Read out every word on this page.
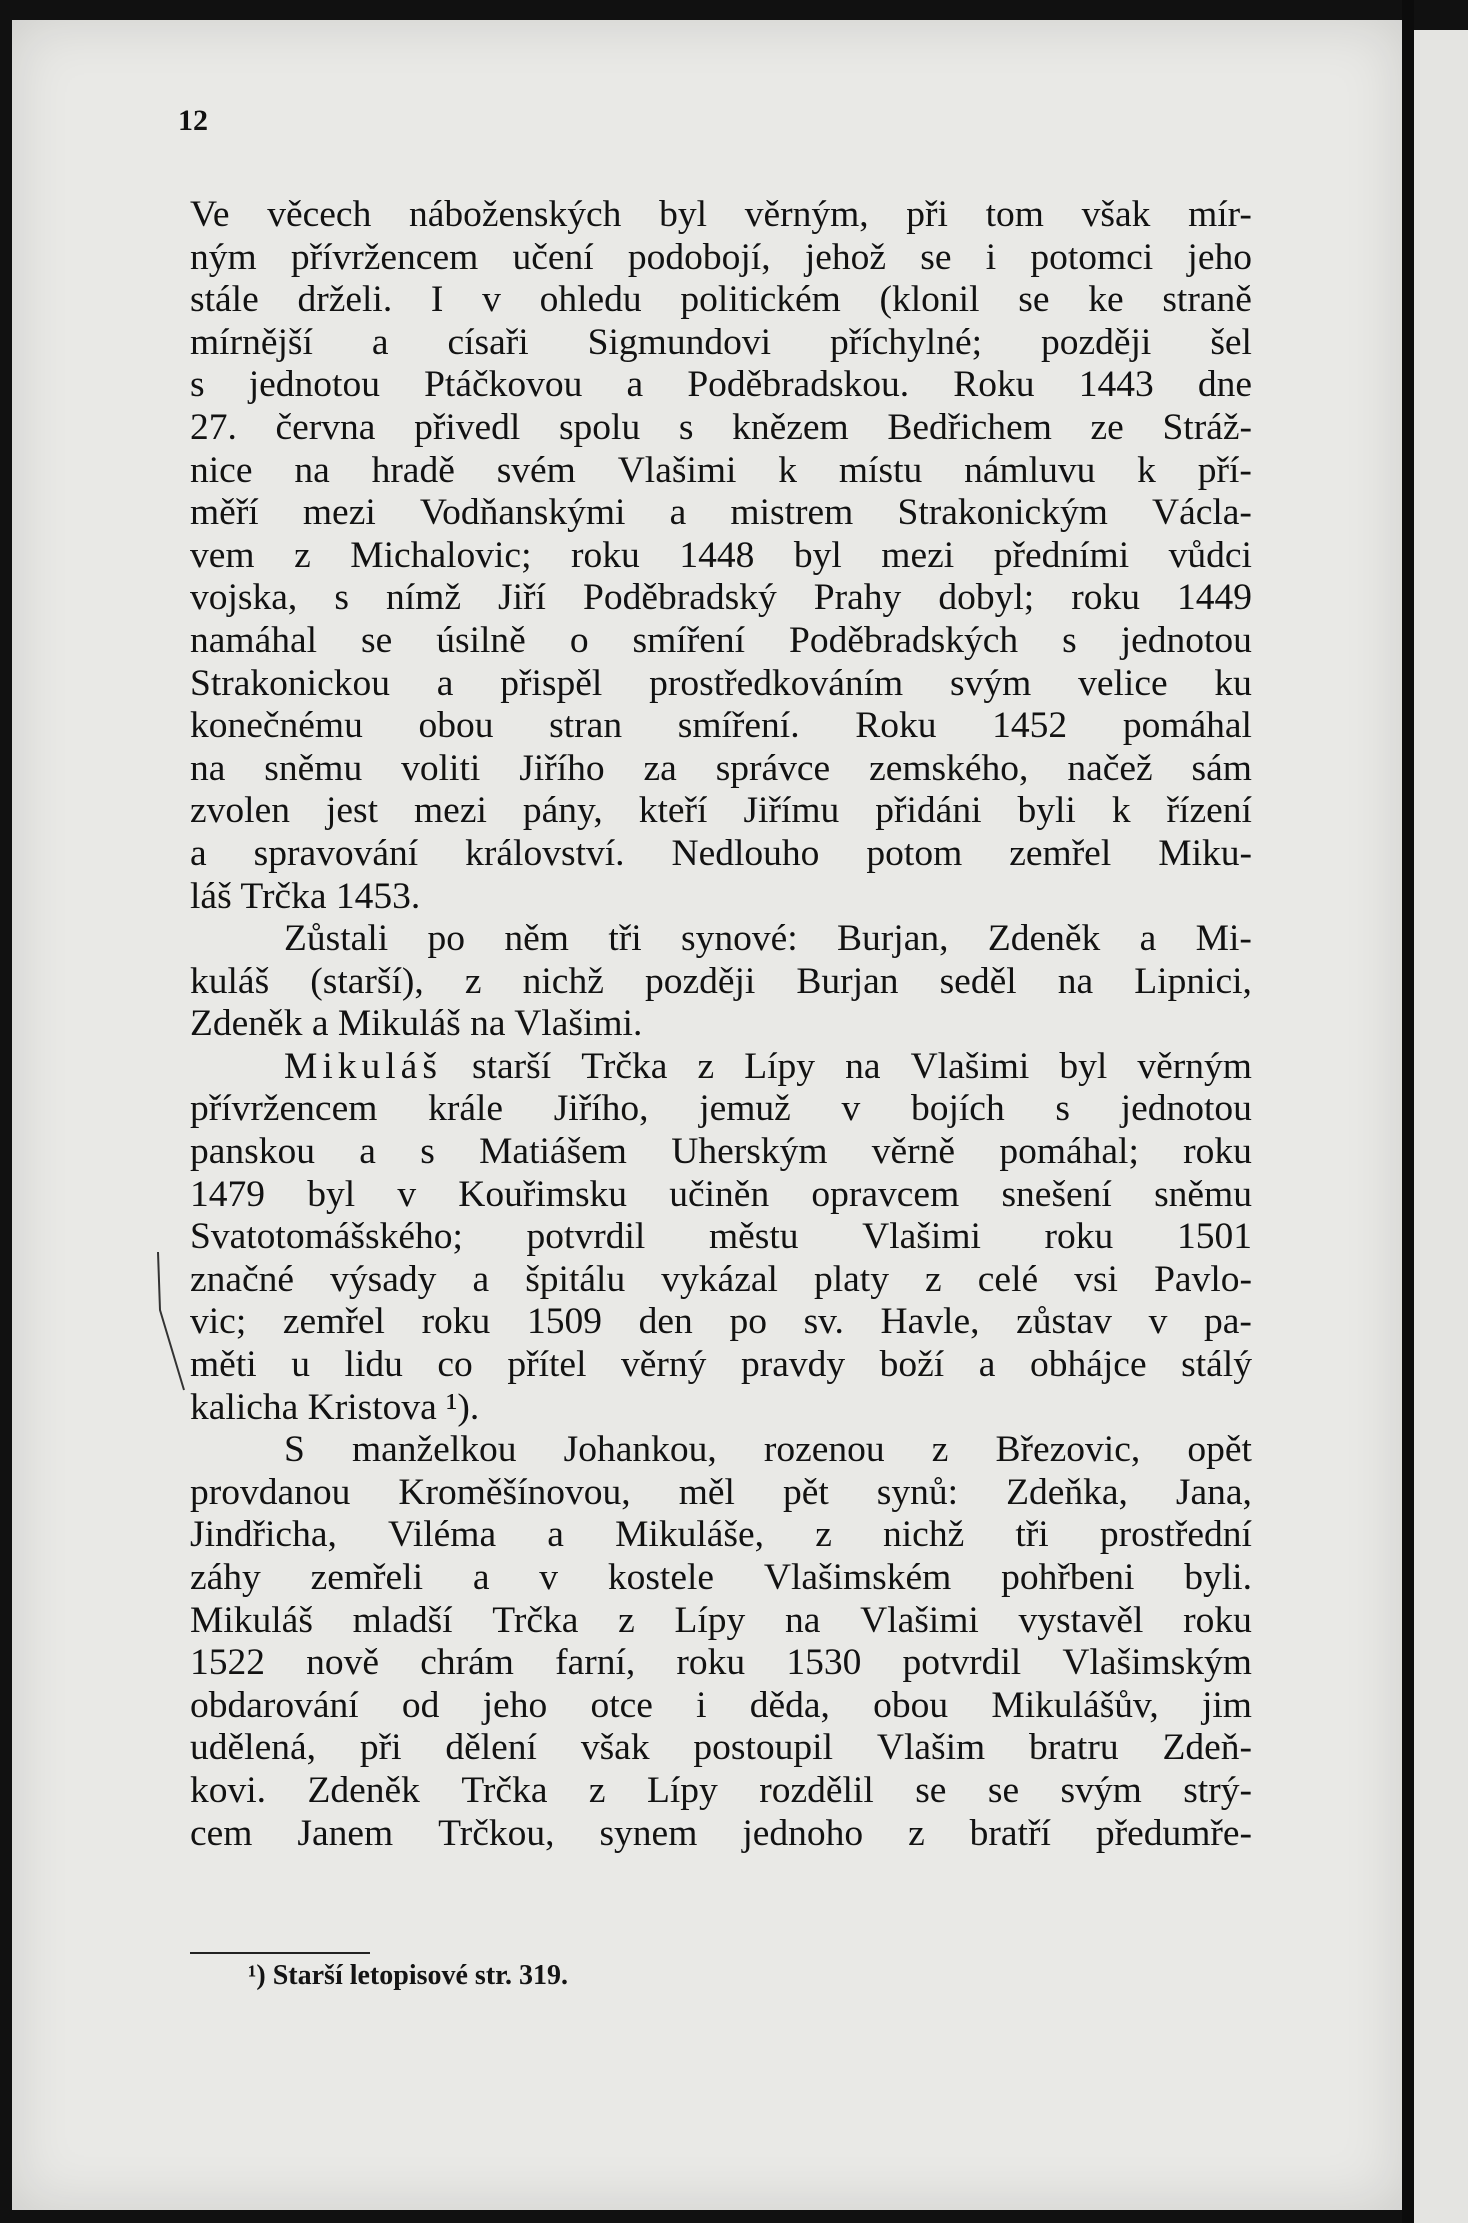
12
Ve věcech náboženských byl věrným, při tom však mír-
ným přívržencem učení podobojí, jehož se i potomci jeho
stále drželi. I v ohledu politickém (klonil se ke straně
mírnější a císaři Sigmundovi příchylné; později šel
s jednotou Ptáčkovou a Poděbradskou. Roku 1443 dne
27. června přivedl spolu s knězem Bedřichem ze Stráž-
nice na hradě svém Vlašimi k místu námluvu k pří-
měří mezi Vodňanskými a mistrem Strakonickým Václa-
vem z Michalovic; roku 1448 byl mezi předními vůdci
vojska, s nímž Jiří Poděbradský Prahy dobyl; roku 1449
namáhal se úsilně o smíření Poděbradských s jednotou
Strakonickou a přispěl prostředkováním svým velice ku
konečnému obou stran smíření. Roku 1452 pomáhal
na sněmu voliti Jiřího za správce zemského, načež sám
zvolen jest mezi pány, kteří Jiřímu přidáni byli k řízení
a spravování království. Nedlouho potom zemřel Miku-
láš Trčka 1453.
Zůstali po něm tři synové: Burjan, Zdeněk a Mi-
kuláš (starší), z nichž později Burjan seděl na Lipnici,
Zdeněk a Mikuláš na Vlašimi.
Mikuláš starší Trčka z Lípy na Vlašimi byl věrným
přívržencem krále Jiřího, jemuž v bojích s jednotou
panskou a s Matiášem Uherským věrně pomáhal; roku
1479 byl v Kouřimsku učiněn opravcem snešení sněmu
Svatotomášského; potvrdil městu Vlašimi roku 1501
značné výsady a špitálu vykázal platy z celé vsi Pavlo-
vic; zemřel roku 1509 den po sv. Havle, zůstav v pa-
měti u lidu co přítel věrný pravdy boží a obhájce stálý
kalicha Kristova ¹).
S manželkou Johankou, rozenou z Březovic, opět
provdanou Kroměšínovou, měl pět synů: Zdeňka, Jana,
Jindřicha, Viléma a Mikuláše, z nichž tři prostřední
záhy zemřeli a v kostele Vlašimském pohřbeni byli.
Mikuláš mladší Trčka z Lípy na Vlašimi vystavěl roku
1522 nově chrám farní, roku 1530 potvrdil Vlašimským
obdarování od jeho otce i děda, obou Mikulášův, jim
udělená, při dělení však postoupil Vlašim bratru Zdeň-
kovi. Zdeněk Trčka z Lípy rozdělil se se svým strý-
cem Janem Trčkou, synem jednoho z bratří předumře-
¹) Starší letopisové str. 319.
